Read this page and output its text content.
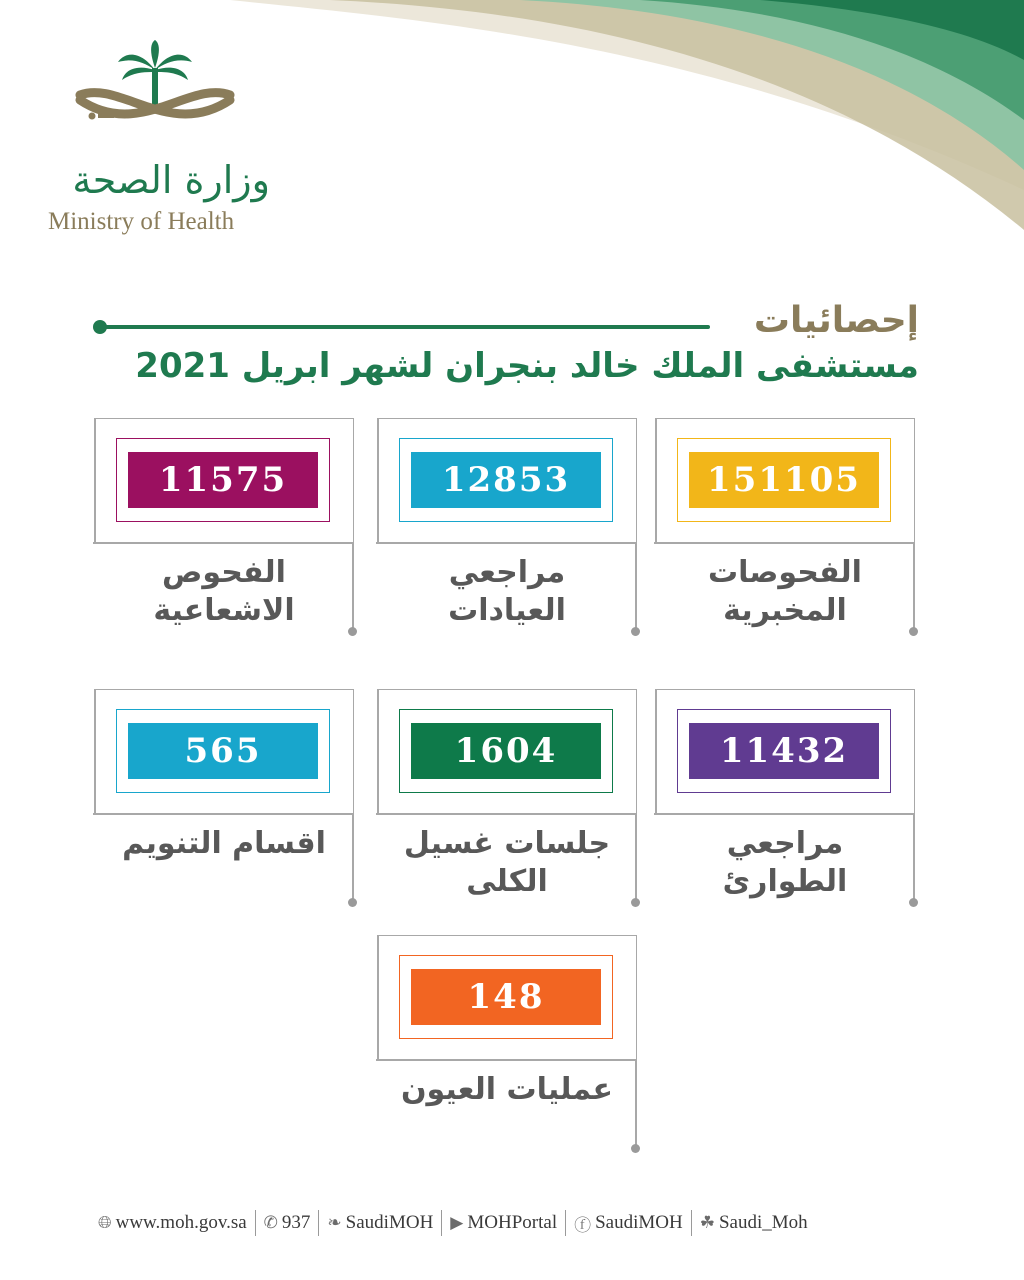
وزارة الصحة
Ministry of Health
إحصائيات
مستشفى الملك خالد بنجران لشهر ابريل 2021
151105
الفحوصات المخبرية
12853
مراجعي العيادات
11575
الفحوص الاشعاعية
11432
مراجعي الطوارئ
1604
جلسات غسيل الكلى
565
اقسام التنويم
148
عمليات العيون
🌐︎ www.moh.gov.sa ✆ 937 ❧ SaudiMOH ▶ MOHPortal ⓕ SaudiMOH ☘ Saudi_Moh
